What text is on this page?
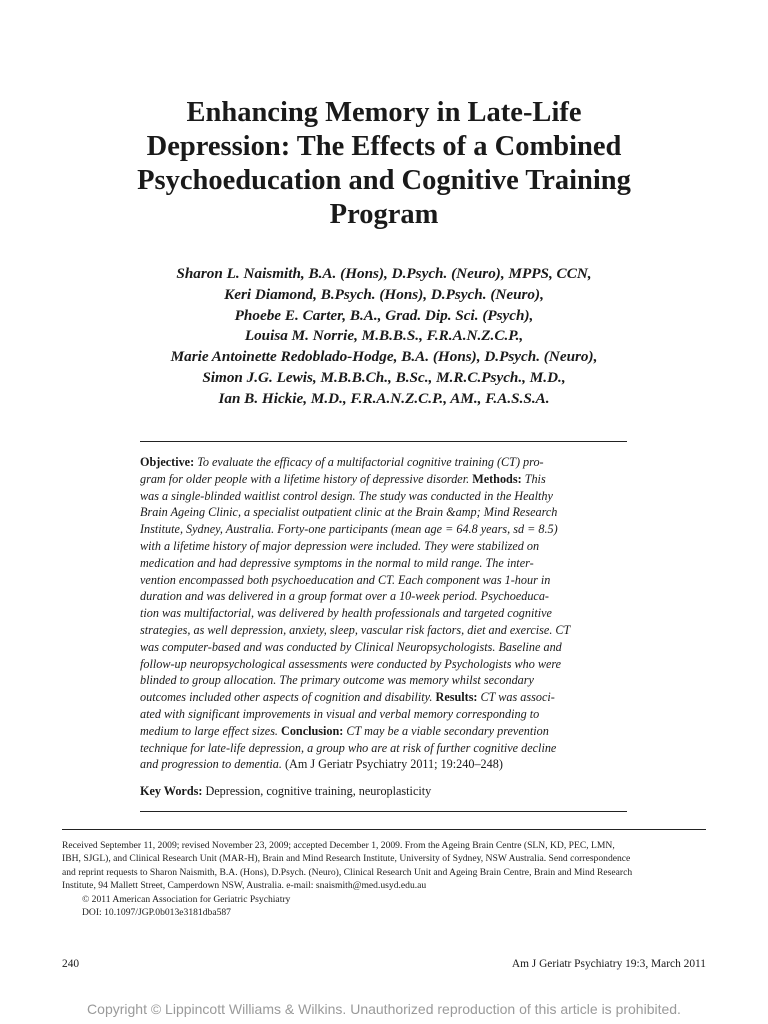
Enhancing Memory in Late-Life
Depression: The Effects of a Combined
Psychoeducation and Cognitive Training
Program
Sharon L. Naismith, B.A. (Hons), D.Psych. (Neuro), MPPS, CCN,
Keri Diamond, B.Psych. (Hons), D.Psych. (Neuro),
Phoebe E. Carter, B.A., Grad. Dip. Sci. (Psych),
Louisa M. Norrie, M.B.B.S., F.R.A.N.Z.C.P.,
Marie Antoinette Redoblado-Hodge, B.A. (Hons), D.Psych. (Neuro),
Simon J.G. Lewis, M.B.B.Ch., B.Sc., M.R.C.Psych., M.D.,
Ian B. Hickie, M.D., F.R.A.N.Z.C.P., AM., F.A.S.S.A.
Objective: To evaluate the efficacy of a multifactorial cognitive training (CT) pro-
gram for older people with a lifetime history of depressive disorder. Methods: This
was a single-blinded waitlist control design. The study was conducted in the Healthy
Brain Ageing Clinic, a specialist outpatient clinic at the Brain &amp; Mind Research
Institute, Sydney, Australia. Forty-one participants (mean age = 64.8 years, sd = 8.5)
with a lifetime history of major depression were included. They were stabilized on
medication and had depressive symptoms in the normal to mild range. The inter-
vention encompassed both psychoeducation and CT. Each component was 1-hour in
duration and was delivered in a group format over a 10-week period. Psychoeduca-
tion was multifactorial, was delivered by health professionals and targeted cognitive
strategies, as well depression, anxiety, sleep, vascular risk factors, diet and exercise. CT
was computer-based and was conducted by Clinical Neuropsychologists. Baseline and
follow-up neuropsychological assessments were conducted by Psychologists who were
blinded to group allocation. The primary outcome was memory whilst secondary
outcomes included other aspects of cognition and disability. Results: CT was associ-
ated with significant improvements in visual and verbal memory corresponding to
medium to large effect sizes. Conclusion: CT may be a viable secondary prevention
technique for late-life depression, a group who are at risk of further cognitive decline
and progression to dementia. (Am J Geriatr Psychiatry 2011; 19:240–248)
Key Words: Depression, cognitive training, neuroplasticity
Received September 11, 2009; revised November 23, 2009; accepted December 1, 2009. From the Ageing Brain Centre (SLN, KD, PEC, LMN,
IBH, SJGL), and Clinical Research Unit (MAR-H), Brain and Mind Research Institute, University of Sydney, NSW Australia. Send correspondence
and reprint requests to Sharon Naismith, B.A. (Hons), D.Psych. (Neuro), Clinical Research Unit and Ageing Brain Centre, Brain and Mind Research
Institute, 94 Mallett Street, Camperdown NSW, Australia. e-mail: snaismith@med.usyd.edu.au
© 2011 American Association for Geriatric Psychiatry
DOI: 10.1097/JGP.0b013e3181dba587
240	Am J Geriatr Psychiatry 19:3, March 2011
Copyright © Lippincott Williams & Wilkins. Unauthorized reproduction of this article is prohibited.
